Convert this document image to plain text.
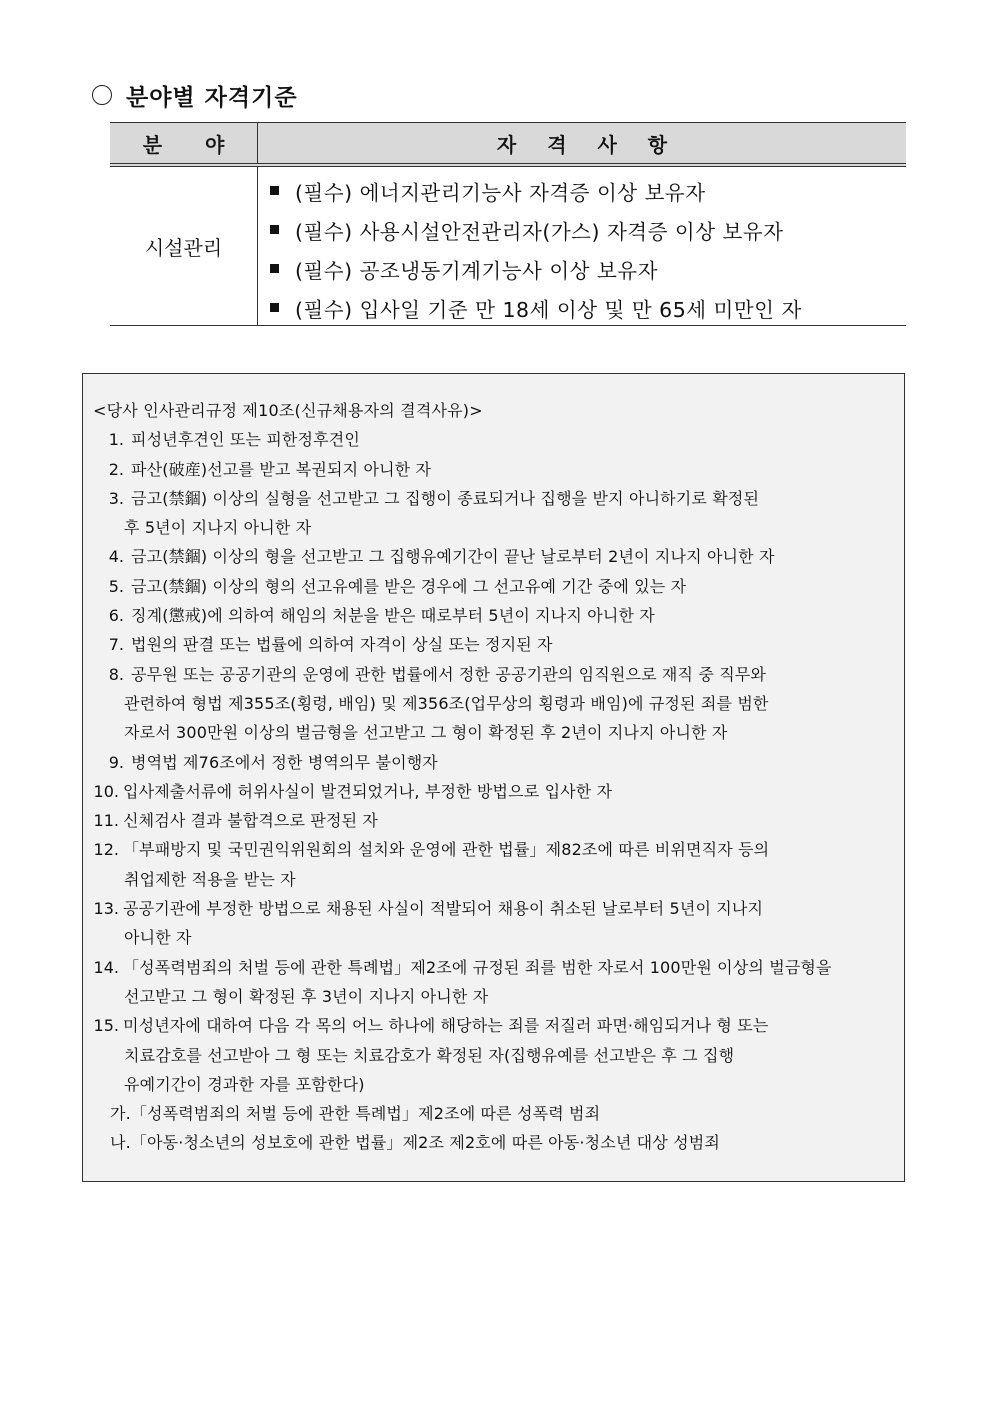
분야별 자격기준
분 야	자 격 사 항
시설관리
(필수) 에너지관리기능사 자격증 이상 보유자
(필수) 사용시설안전관리자(가스) 자격증 이상 보유자
(필수) 공조냉동기계기능사 이상 보유자
(필수) 입사일 기준 만 18세 이상 및 만 65세 미만인 자
<당사 인사관리규정 제10조(신규채용자의 결격사유)>
1. 피성년후견인 또는 피한정후견인
2. 파산(破産)선고를 받고 복권되지 아니한 자
3. 금고(禁錮) 이상의 실형을 선고받고 그 집행이 종료되거나 집행을 받지 아니하기로 확정된
후 5년이 지나지 아니한 자
4. 금고(禁錮) 이상의 형을 선고받고 그 집행유예기간이 끝난 날로부터 2년이 지나지 아니한 자
5. 금고(禁錮) 이상의 형의 선고유예를 받은 경우에 그 선고유예 기간 중에 있는 자
6. 징계(懲戒)에 의하여 해임의 처분을 받은 때로부터 5년이 지나지 아니한 자
7. 법원의 판결 또는 법률에 의하여 자격이 상실 또는 정지된 자
8. 공무원 또는 공공기관의 운영에 관한 법률에서 정한 공공기관의 임직원으로 재직 중 직무와
관련하여 형법 제355조(횡령, 배임) 및 제356조(업무상의 횡령과 배임)에 규정된 죄를 범한
자로서 300만원 이상의 벌금형을 선고받고 그 형이 확정된 후 2년이 지나지 아니한 자
9. 병역법 제76조에서 정한 병역의무 불이행자
10. 입사제출서류에 허위사실이 발견되었거나, 부정한 방법으로 입사한 자
11. 신체검사 결과 불합격으로 판정된 자
12. 「부패방지 및 국민권익위원회의 설치와 운영에 관한 법률」제82조에 따른 비위면직자 등의
취업제한 적용을 받는 자
13. 공공기관에 부정한 방법으로 채용된 사실이 적발되어 채용이 취소된 날로부터 5년이 지나지
아니한 자
14. 「성폭력범죄의 처벌 등에 관한 특례법」제2조에 규정된 죄를 범한 자로서 100만원 이상의 벌금형을
선고받고 그 형이 확정된 후 3년이 지나지 아니한 자
15. 미성년자에 대하여 다음 각 목의 어느 하나에 해당하는 죄를 저질러 파면·해임되거나 형 또는
치료감호를 선고받아 그 형 또는 치료감호가 확정된 자(집행유예를 선고받은 후 그 집행
유예기간이 경과한 자를 포함한다)
가.「성폭력범죄의 처벌 등에 관한 특례법」제2조에 따른 성폭력 범죄
나.「아동·청소년의 성보호에 관한 법률」제2조 제2호에 따른 아동·청소년 대상 성범죄
